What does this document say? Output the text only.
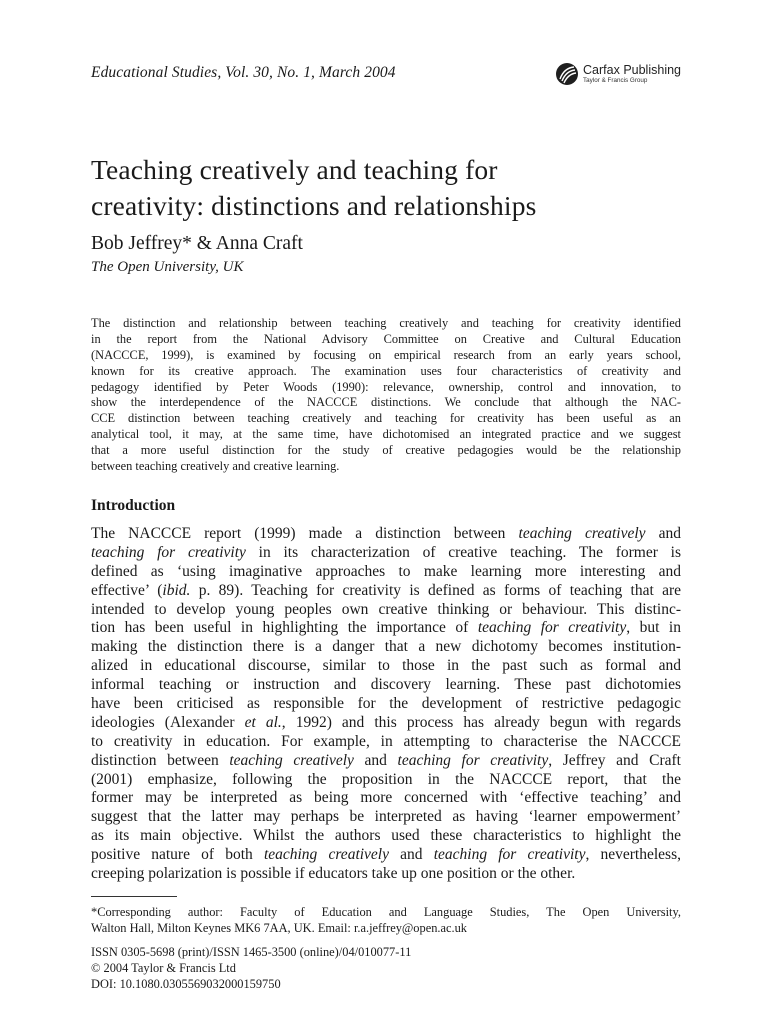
Educational Studies, Vol. 30, No. 1, March 2004	Carfax Publishing
Taylor & Francis Group
Teaching creatively and teaching for
creativity: distinctions and relationships
Bob Jeffrey* & Anna Craft
The Open University, UK
The distinction and relationship between teaching creatively and teaching for creativity identified
in the report from the National Advisory Committee on Creative and Cultural Education
(NACCCE, 1999), is examined by focusing on empirical research from an early years school,
known for its creative approach. The examination uses four characteristics of creativity and
pedagogy identified by Peter Woods (1990): relevance, ownership, control and innovation, to
show the interdependence of the NACCCE distinctions. We conclude that although the NAC-
CCE distinction between teaching creatively and teaching for creativity has been useful as an
analytical tool, it may, at the same time, have dichotomised an integrated practice and we suggest
that a more useful distinction for the study of creative pedagogies would be the relationship
between teaching creatively and creative learning.
Introduction
The NACCCE report (1999) made a distinction between teaching creatively and
teaching for creativity in its characterization of creative teaching. The former is
defined as ‘using imaginative approaches to make learning more interesting and
effective’ (ibid. p. 89). Teaching for creativity is defined as forms of teaching that are
intended to develop young peoples own creative thinking or behaviour. This distinc-
tion has been useful in highlighting the importance of teaching for creativity, but in
making the distinction there is a danger that a new dichotomy becomes institution-
alized in educational discourse, similar to those in the past such as formal and
informal teaching or instruction and discovery learning. These past dichotomies
have been criticised as responsible for the development of restrictive pedagogic
ideologies (Alexander et al., 1992) and this process has already begun with regards
to creativity in education. For example, in attempting to characterise the NACCCE
distinction between teaching creatively and teaching for creativity, Jeffrey and Craft
(2001) emphasize, following the proposition in the NACCCE report, that the
former may be interpreted as being more concerned with ‘effective teaching’ and
suggest that the latter may perhaps be interpreted as having ‘learner empowerment’
as its main objective. Whilst the authors used these characteristics to highlight the
positive nature of both teaching creatively and teaching for creativity, nevertheless,
creeping polarization is possible if educators take up one position or the other.
*Corresponding author: Faculty of Education and Language Studies, The Open University,
Walton Hall, Milton Keynes MK6 7AA, UK. Email: r.a.jeffrey@open.ac.uk
ISSN 0305-5698 (print)/ISSN 1465-3500 (online)/04/010077-11
© 2004 Taylor & Francis Ltd
DOI: 10.1080.0305569032000159750
